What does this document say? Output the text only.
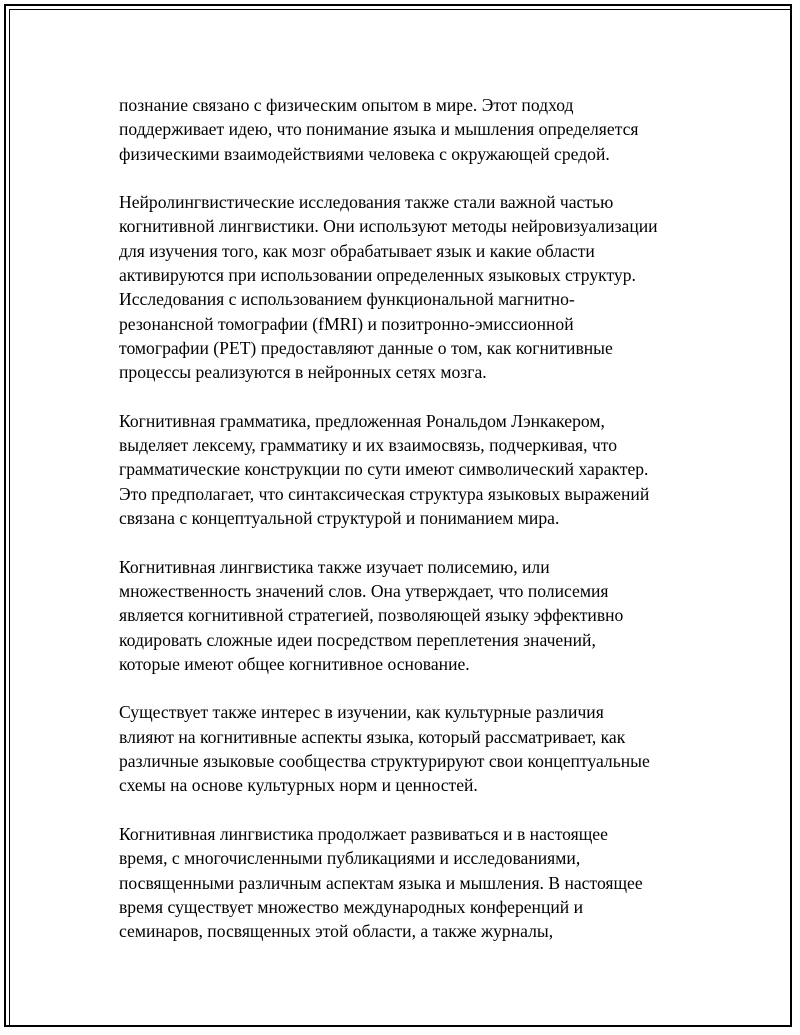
познание связано с физическим опытом в мире. Этот подход
поддерживает идею, что понимание языка и мышления определяется
физическими взаимодействиями человека с окружающей средой.

Нейролингвистические исследования также стали важной частью
когнитивной лингвистики. Они используют методы нейровизуализации
для изучения того, как мозг обрабатывает язык и какие области
активируются при использовании определенных языковых структур.
Исследования с использованием функциональной магнитно-
резонансной томографии (fMRI) и позитронно-эмиссионной
томографии (PET) предоставляют данные о том, как когнитивные
процессы реализуются в нейронных сетях мозга.

Когнитивная грамматика, предложенная Рональдом Лэнкакером,
выделяет лексему, грамматику и их взаимосвязь, подчеркивая, что
грамматические конструкции по сути имеют символический характер.
Это предполагает, что синтаксическая структура языковых выражений
связана с концептуальной структурой и пониманием мира.

Когнитивная лингвистика также изучает полисемию, или
множественность значений слов. Она утверждает, что полисемия
является когнитивной стратегией, позволяющей языку эффективно
кодировать сложные идеи посредством переплетения значений,
которые имеют общее когнитивное основание.

Существует также интерес в изучении, как культурные различия
влияют на когнитивные аспекты языка, который рассматривает, как
различные языковые сообщества структурируют свои концептуальные
схемы на основе культурных норм и ценностей.

Когнитивная лингвистика продолжает развиваться и в настоящее
время, с многочисленными публикациями и исследованиями,
посвященными различным аспектам языка и мышления. В настоящее
время существует множество международных конференций и
семинаров, посвященных этой области, а также журналы,
